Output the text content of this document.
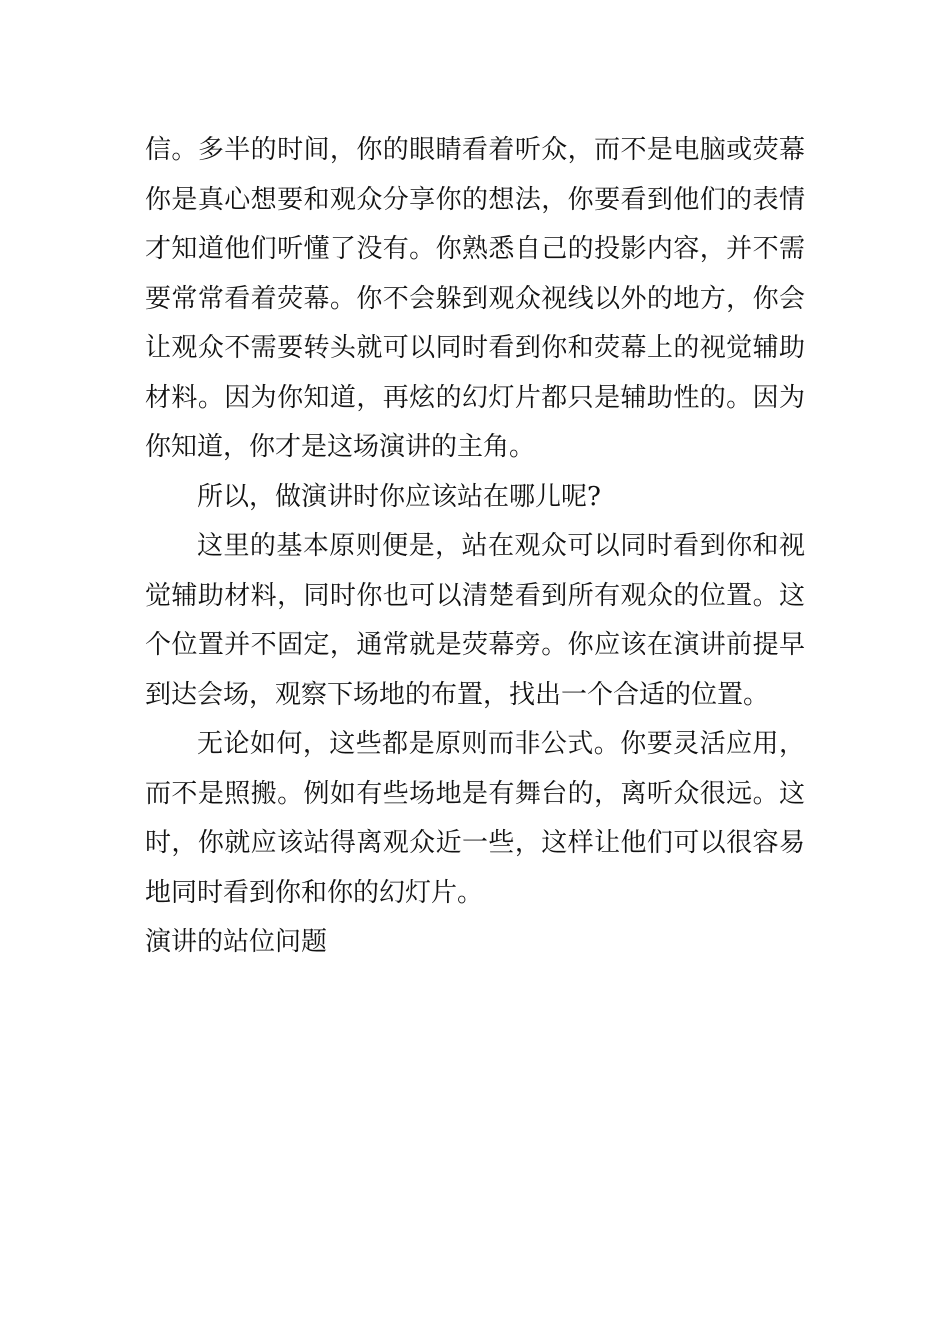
信。多半的时间，你的眼睛看着听众，而不是电脑或荧幕你是真心想要和观众分享你的想法，你要看到他们的表情才知道他们听懂了没有。你熟悉自己的投影内容，并不需要常常看着荧幕。你不会躲到观众视线以外的地方，你会让观众不需要转头就可以同时看到你和荧幕上的视觉辅助材料。因为你知道，再炫的幻灯片都只是辅助性的。因为你知道，你才是这场演讲的主角。

所以，做演讲时你应该站在哪儿呢?

这里的基本原则便是，站在观众可以同时看到你和视觉辅助材料，同时你也可以清楚看到所有观众的位置。这个位置并不固定，通常就是荧幕旁。你应该在演讲前提早到达会场，观察下场地的布置，找出一个合适的位置。

无论如何，这些都是原则而非公式。你要灵活应用，而不是照搬。例如有些场地是有舞台的，离听众很远。这时，你就应该站得离观众近一些，这样让他们可以很容易地同时看到你和你的幻灯片。

演讲的站位问题
